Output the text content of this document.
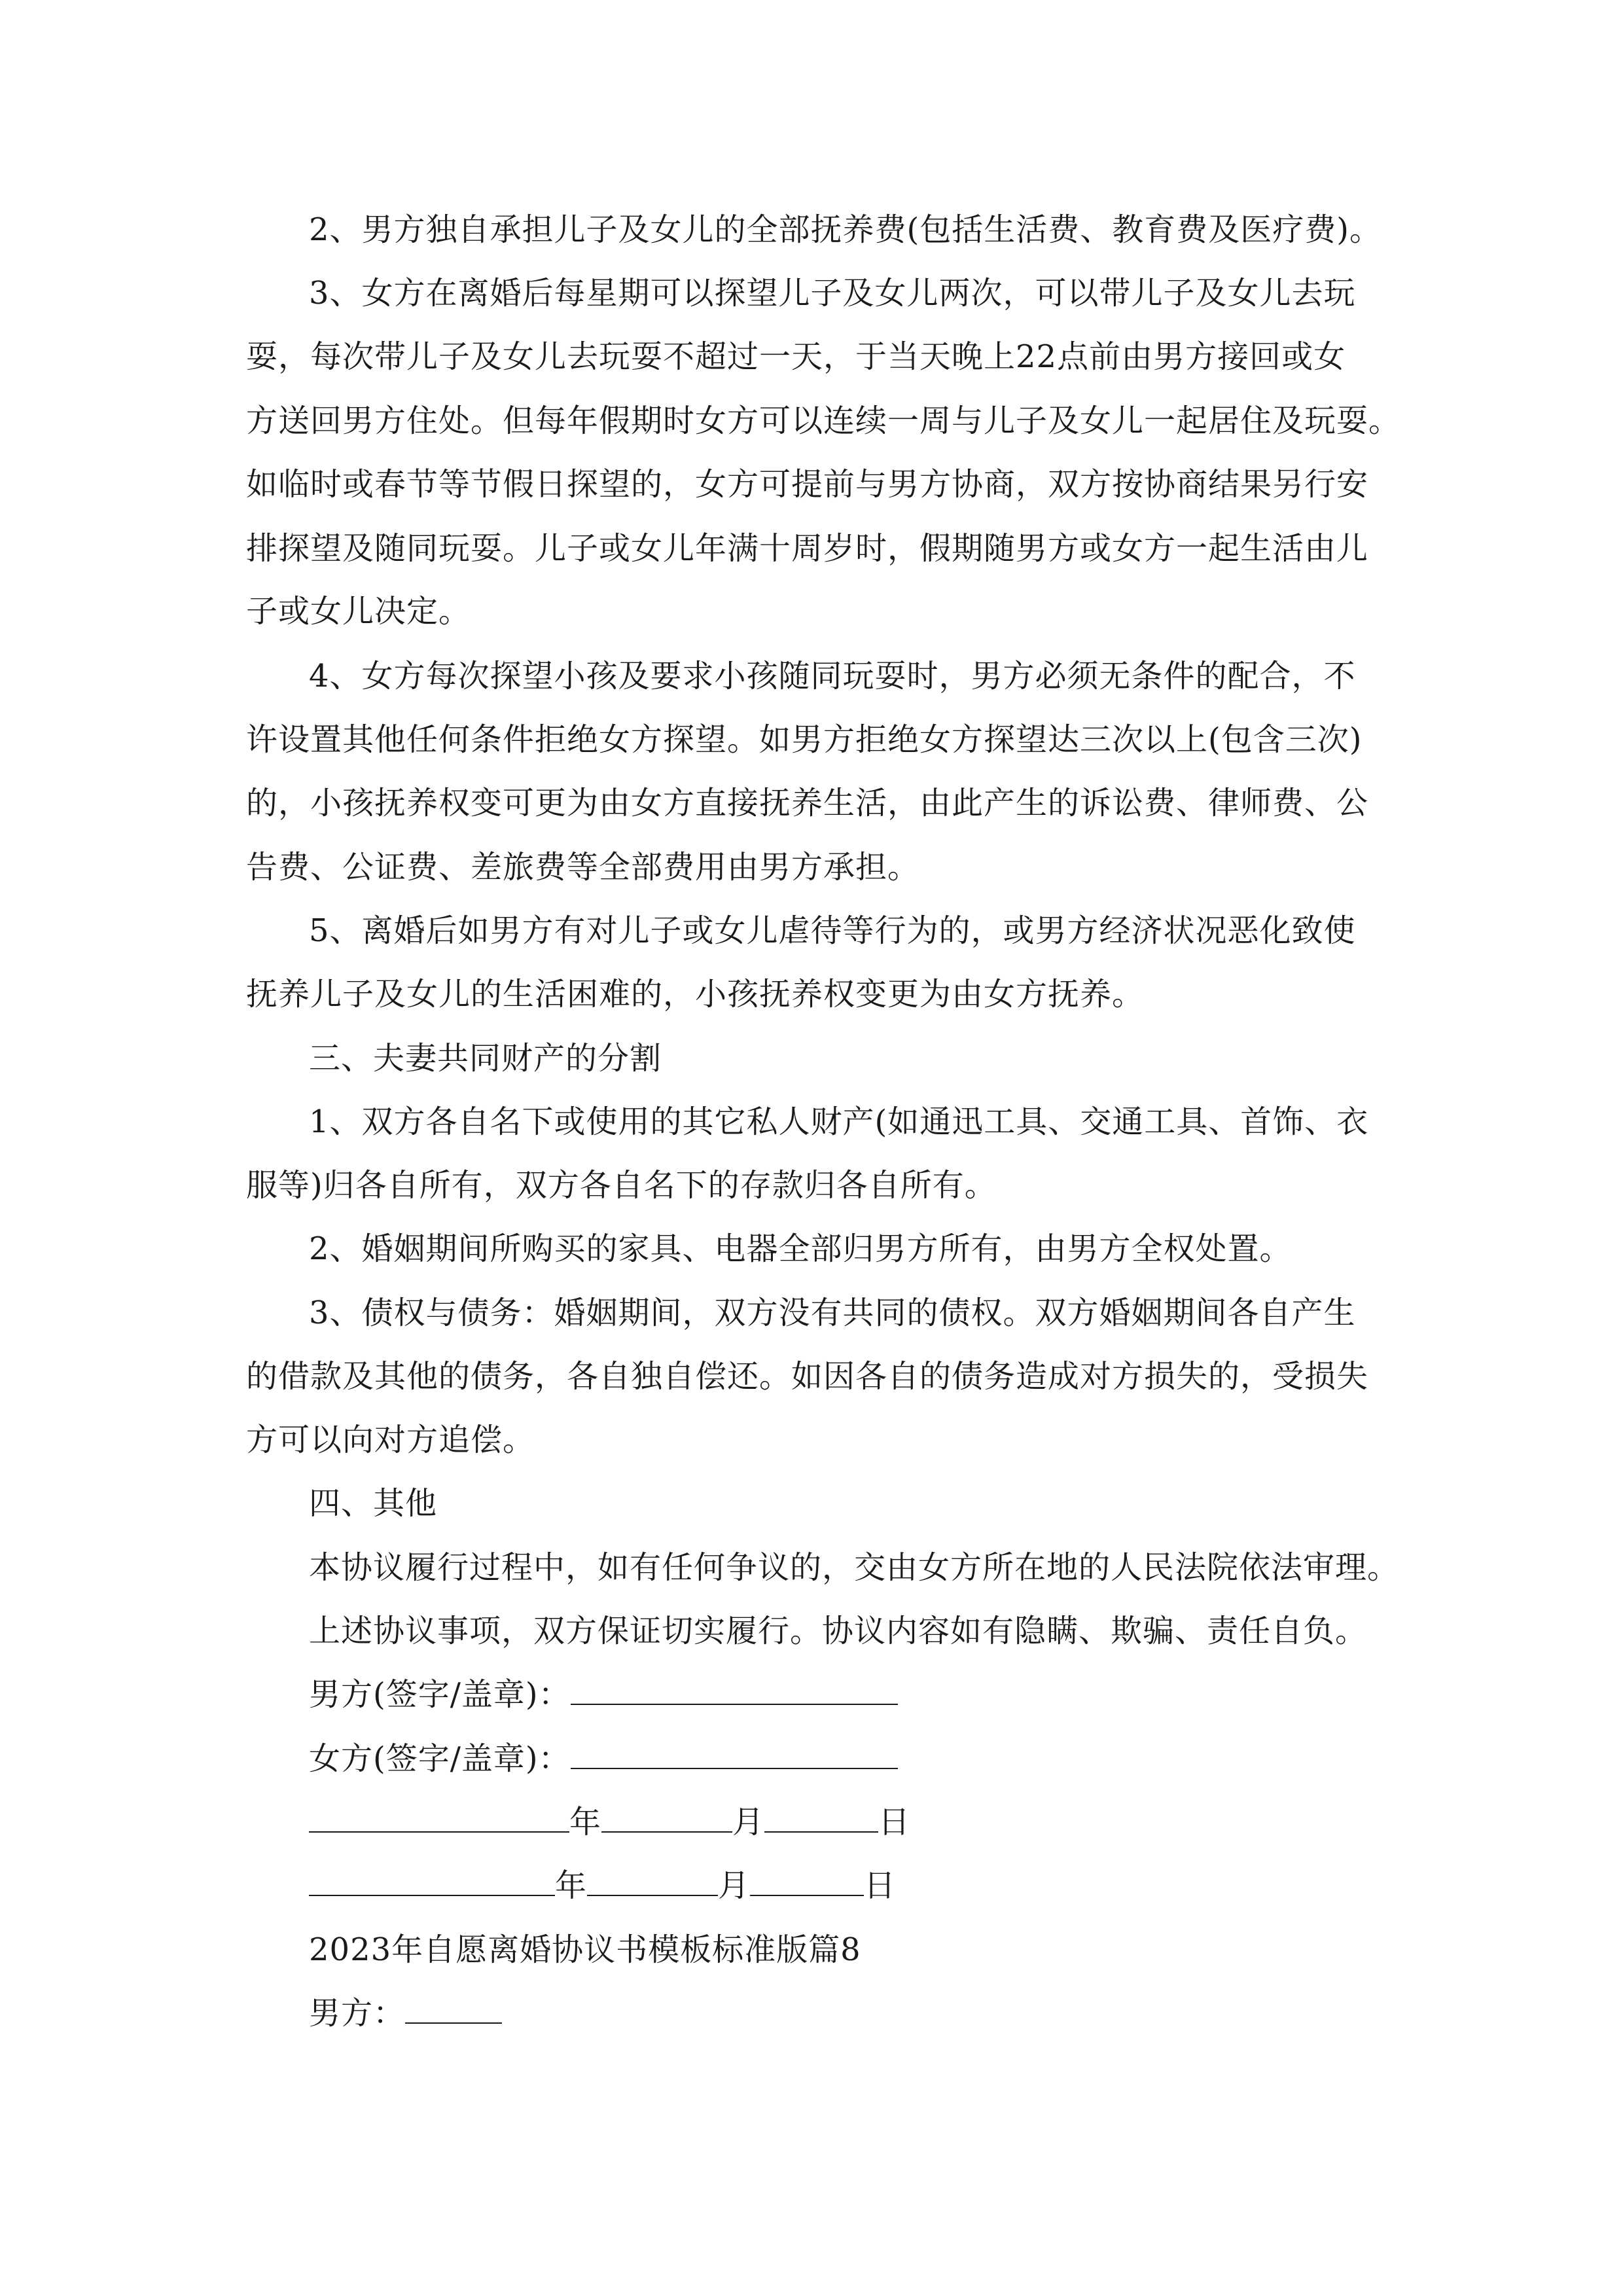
2、男方独自承担儿子及女儿的全部抚养费(包括生活费、教育费及医疗费)。
3、女方在离婚后每星期可以探望儿子及女儿两次，可以带儿子及女儿去玩
耍，每次带儿子及女儿去玩耍不超过一天，于当天晚上22点前由男方接回或女
方送回男方住处。但每年假期时女方可以连续一周与儿子及女儿一起居住及玩耍。
如临时或春节等节假日探望的，女方可提前与男方协商，双方按协商结果另行安
排探望及随同玩耍。儿子或女儿年满十周岁时，假期随男方或女方一起生活由儿
子或女儿决定。
4、女方每次探望小孩及要求小孩随同玩耍时，男方必须无条件的配合，不
许设置其他任何条件拒绝女方探望。如男方拒绝女方探望达三次以上(包含三次)
的，小孩抚养权变可更为由女方直接抚养生活，由此产生的诉讼费、律师费、公
告费、公证费、差旅费等全部费用由男方承担。
5、离婚后如男方有对儿子或女儿虐待等行为的，或男方经济状况恶化致使
抚养儿子及女儿的生活困难的，小孩抚养权变更为由女方抚养。
三、夫妻共同财产的分割
1、双方各自名下或使用的其它私人财产(如通迅工具、交通工具、首饰、衣
服等)归各自所有，双方各自名下的存款归各自所有。
2、婚姻期间所购买的家具、电器全部归男方所有，由男方全权处置。
3、债权与债务：婚姻期间，双方没有共同的债权。双方婚姻期间各自产生
的借款及其他的债务，各自独自偿还。如因各自的债务造成对方损失的，受损失
方可以向对方追偿。
四、其他
本协议履行过程中，如有任何争议的，交由女方所在地的人民法院依法审理。
上述协议事项，双方保证切实履行。协议内容如有隐瞒、欺骗、责任自负。
男方(签字/盖章)：
女方(签字/盖章)：
年	月	日
年	月	日
2023年自愿离婚协议书模板标准版篇8
男方：
